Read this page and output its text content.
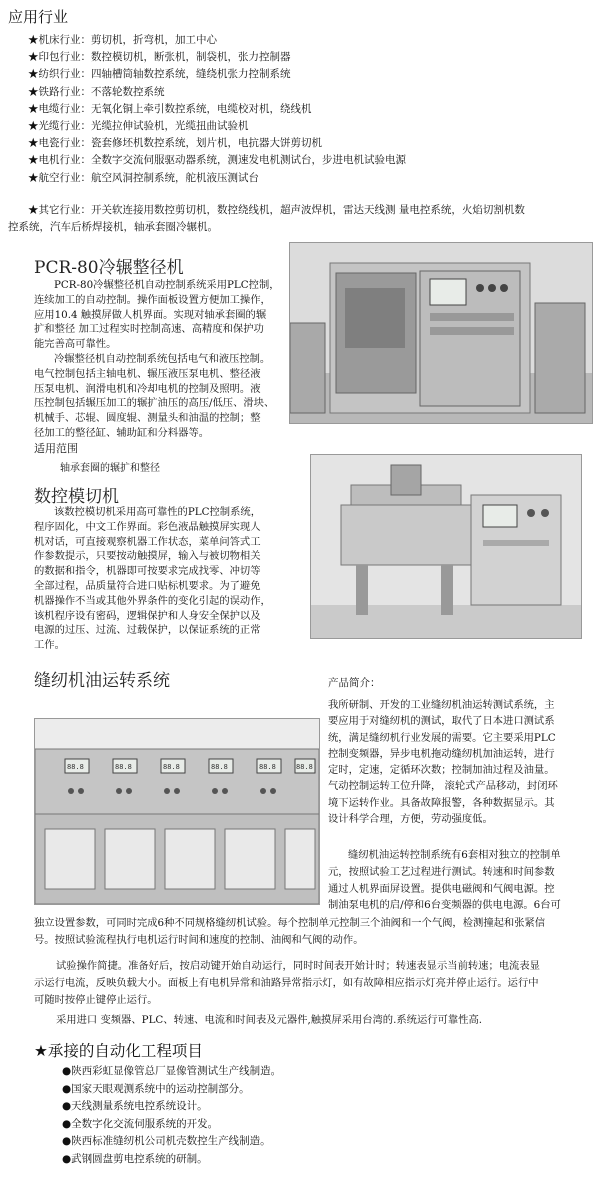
应用行业
★机床行业：剪切机，折弯机，加工中心
★印包行业：数控模切机，断张机，制袋机，张力控制器
★纺织行业：四轴槽筒轴数控系统，缝绕机张力控制系统
★铁路行业：不落轮数控系统
★电缆行业：无氧化铜上牵引数控系统，电缆校对机，绕线机
★光缆行业：光缆拉伸试验机，光缆扭曲试验机
★电瓷行业：瓷套修坯机数控系统，划片机，电抗器大饼剪切机
★电机行业：全数字交流伺服驱动器系统，测速发电机测试台，步进电机试验电源
★航空行业：航空风洞控制系统，舵机液压测试台
★其它行业：开关软连接用数控剪切机，数控绕线机，超声波焊机，雷达天线测 量电控系统，火焰切割机数
控系统，汽车后桥焊接机，轴承套圈冷辗机。
PCR-80冷辗整径机

PCR-80冷辗整径机自动控制系统采用PLC控制，

连续加工的自动控制。操作面板设置方便加工操作，

应用10.4 触摸屏做人机界面。实现对轴承套圈的辗

扩和整径 加工过程实时控制高速、高精度和保护功

能完善高可靠性。

冷辗整径机自动控制系统包括电气和液压控制。

电气控制包括主轴电机、辗压液压泵电机、整径液

压泵电机、润滑电机和冷却电机的控制及照明。液

压控制包括辗压加工的辗扩油压的高压/低压、滑块、

机械手、芯辊、圆度辊、测量头和油温的控制；整

径加工的整径缸、辅助缸和分料器等。

适用范围
轴承套圈的辗扩和整径
数控模切机

该数控模切机采用高可靠性的PLC控制系统，

程序固化，中文工作界面。彩色液晶触摸屏实现人

机对话，可直接观察机器工作状态，菜单问答式工

作参数提示，只要按动触摸屏，输入与被切物相关

的数据和指令，机器即可按要求完成找零、冲切等

全部过程，品质量符合进口贴标机要求。为了避免

机器操作不当或其他外界条件的变化引起的误动作，

该机程序设有密码，逻辑保护和人身安全保护以及

电源的过压、过流、过载保护，以保证系统的正常

工作。

缝纫机油运转系统	产品简介：

我所研制、开发的工业缝纫机油运转测试系统，主

要应用于对缝纫机的测试，取代了日本进口测试系

统，满足缝纫机行业发展的需要。它主要采用PLC

控制变频器，异步电机拖动缝纫机加油运转，进行

定时，定速，定循环次数；控制加油过程及油量。

气动控制运转工位升降， 滚轮式产品移动，封闭环

境下运转作业。具备故障报警，各种数据显示。其

设计科学合理，方便，劳动强度低。

缝纫机油运转控制系统有6套相对独立的控制单

元，按照试验工艺过程进行测试。转速和时间参数

通过人机界面屏设置。提供电磁阀和气阀电源。控

制油泵电机的启/停和6台变频器的供电电源。6台可

独立设置参数，可同时完成6种不同规格缝纫机试验。每个控制单元控制三个油阀和一个气阀，检测撞起和张紧信

号。按照试验流程执行电机运行时间和速度的控制、油阀和气阀的动作。

试验操作简捷。准备好后，按启动键开始自动运行，同时时间表开始计时；转速表显示当前转速；电流表显

示运行电流，反映负载大小。面板上有电机异常和油路异常指示灯，如有故障相应指示灯亮并停止运行。运行中

可随时按停止键停止运行。

采用进口 变频器、PLC、转速、电流和时间表及元器件,触摸屏采用台湾的.系统运行可靠性高.
88.8	88.8	88.8	88.8	88.8	88.8
★承接的自动化工程项目
●陕西彩虹显像管总厂显像管测试生产线制造。
●国家天眼观测系统中的运动控制部分。
●天线测量系统电控系统设计。
●全数字化交流伺服系统的开发。
●陕西标准缝纫机公司机壳数控生产线制造。
●武钢圆盘剪电控系统的研制。
